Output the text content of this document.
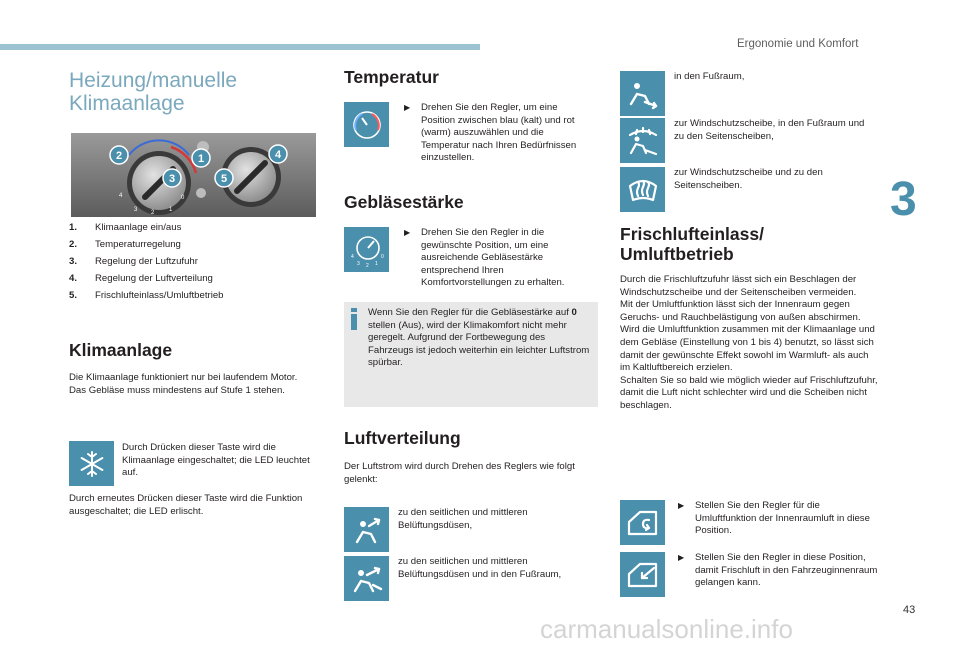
Ergonomie und Komfort
3
Heizung/manuelle Klimaanlage
4
3 2 1
0
2	1	4
3	5
1.	Klimaanlage ein/aus
2.	Temperaturregelung
3.	Regelung der Luftzufuhr
4.	Regelung der Luftverteilung
5.	Frischlufteinlass/Umluftbetrieb
Klimaanlage
Die Klimaanlage funktioniert nur bei laufendem Motor.
Das Gebläse muss mindestens auf Stufe 1 stehen.
Durch Drücken dieser Taste wird die Klimaanlage eingeschaltet; die LED leuchtet auf.
Durch erneutes Drücken dieser Taste wird die Funktion ausgeschaltet; die LED erlischt.
Temperatur
▶	Drehen Sie den Regler, um eine Position zwischen blau (kalt) und rot (warm) auszuwählen und die Temperatur nach Ihren Bedürfnissen einzustellen.
Gebläsestärke
4
3 2 1
0
▶	Drehen Sie den Regler in die gewünschte Position, um eine ausreichende Gebläsestärke entsprechend Ihren Komfortvorstellungen zu erhalten.
Wenn Sie den Regler für die Gebläsestärke auf 0 stellen (Aus), wird der Klimakomfort nicht mehr geregelt. Aufgrund der Fortbewegung des Fahrzeugs ist jedoch weiterhin ein leichter Luftstrom spürbar.
Luftverteilung
Der Luftstrom wird durch Drehen des Reglers wie folgt gelenkt:
zu den seitlichen und mittleren Belüftungsdüsen,
zu den seitlichen und mittleren Belüftungsdüsen und in den Fußraum,
in den Fußraum,
zur Windschutzscheibe, in den Fußraum und zu den Seitenscheiben,
zur Windschutzscheibe und zu den Seitenscheiben.
Frischlufteinlass/
Umluftbetrieb
Durch die Frischluftzufuhr lässt sich ein Beschlagen der Windschutzscheibe und der Seitenscheiben vermeiden.
Mit der Umluftfunktion lässt sich der Innenraum gegen Geruchs- und Rauchbelästigung von außen abschirmen.
Wird die Umluftfunktion zusammen mit der Klimaanlage und dem Gebläse (Einstellung von 1 bis 4) benutzt, so lässt sich damit der gewünschte Effekt sowohl im Warmluft- als auch im Kaltluftbereich erzielen.
Schalten Sie so bald wie möglich wieder auf Frischluftzufuhr, damit die Luft nicht schlechter wird und die Scheiben nicht beschlagen.
▶	Stellen Sie den Regler für die Umluftfunktion der Innenraumluft in diese Position.
▶	Stellen Sie den Regler in diese Position, damit Frischluft in den Fahrzeuginnenraum gelangen kann.
43
carmanualsonline.info
